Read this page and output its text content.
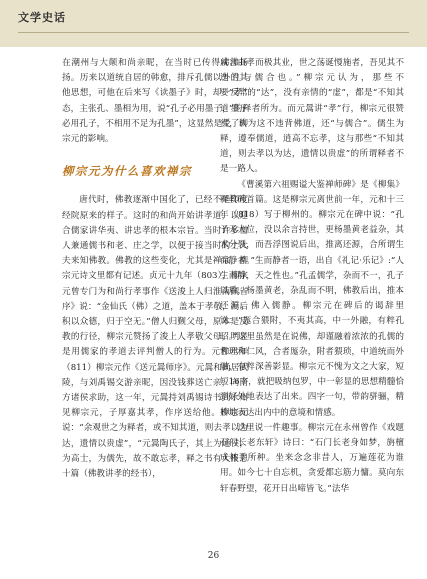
文学史话

在潮州与大颠和尚亲昵，在当时已传得沸沸扬扬。历来以道统自居的韩愈，排斥孔儒以外的其他思想，可他在后来写《读墨子》时，却一反常态，主张孔、墨相为用，说“孔子必用墨子，墨子必用孔子，不相用不足为孔墨”，这显然是受了柳宗元的影响。

柳宗元为什么喜欢禅宗

唐代时，佛教逐渐中国化了，已经不是印度经院原来的样子。这时的和尚开始讲孝道，以迎合儒家讲华夷、讲忠孝的根本宗旨。当时许多僧人兼通儒书和老、庄之学，以便于接当时的士大夫来知佛教。佛教的这些变化，尤其是禅宗，柳宗元诗文里都有记述。贞元十九年（803），柳宗元曾专门为和尚行孝事作《送浚上人归淮南觐省序》说：“金仙氏（佛）之道，盖本于孝敬，而后积以众德，归于空无。”僧人归觐父母，原本是反教的行径，柳宗元赞扬了浚上人孝敬父母，明显是用儒家的孝道去评判僧人的行为。元和六年（811）柳宗元作《送元暠师序》。元暠和尚居武陵，与刘禹锡交游亲昵，因没钱葬送亡亲，向南方诸侯求助，这一年，元暠持刘禹锡诗书到永州见柳宗元，子厚嘉其孝，作序送给他。柳宗元说：“余观世之为释者，或不知其道，则去孝以为达，遗情以贵虚”，“元暠陶氏子，其上为通侯，为高士，为儒先，故不敢忘孝，释之书有大报恩十篇（佛教讲孝的经书），

咸言由孝而极其业，世之荡诞慢施者，吾见其不违且与儒合也。”柳宗元认为，那些不要“孝”的“达”，没有亲情的“虚”，都是“不知其道”的释者所为。而元暠讲“孝”行，柳宗元很赞赏，认为这不违背佛道，还“与儒合”。儒生为释，遵奉儒道，逍高不忘孝，这与那些“不知其道，则去孝以为达，遗情以贵虚”的所谓释者不是一路人。

《曹溪第六祖赐谥大鉴禅师碑》是《柳集》释教碑首篇。这是柳宗元离世前一年，元和十三年（818）写于柳州的。柳宗元在碑中说：“孔子无大位，没以余言持世，更杨墨黄老益杂，其术分裂，而吾浮图说后出，推离还源，合所谓生而静者。”生而静者一语，出自《礼记·乐记》:“人生而静，天之性也。”孔孟儒学，杂而不一，孔子以后，杨墨黄老，杂乱而不明，佛教后出，推本还源，佛入儒静。柳宗元在碑后的谒辞里说：“厖合猥附，不夷其高，中一外融，有粹孔昭。”这里虽然是在说佛，却谨融着浓浓的孔儒的哲理和仁风，合者厖杂，附者猥琐，中道统而外融，有粹深善影显。柳宗元不愧为文之大家，短短16字，就把吸纳包罗，中一彰显的思想精髓恰到好处地表达了出来。四字一句，带韵骈骊，精妙地表达出内中的意境和情感。

这里说一件趣事。柳宗元在永州曾作《戏题石门长老东轩》诗曰：“石门长老身如梦，旃檀成林手所种。坐来念念非昔人，万遍莲花为谁用。如今七十自忘机，贪爱都忘筋力慵。莫向东轩春野望，花开日出啼皆飞。”法华

26
